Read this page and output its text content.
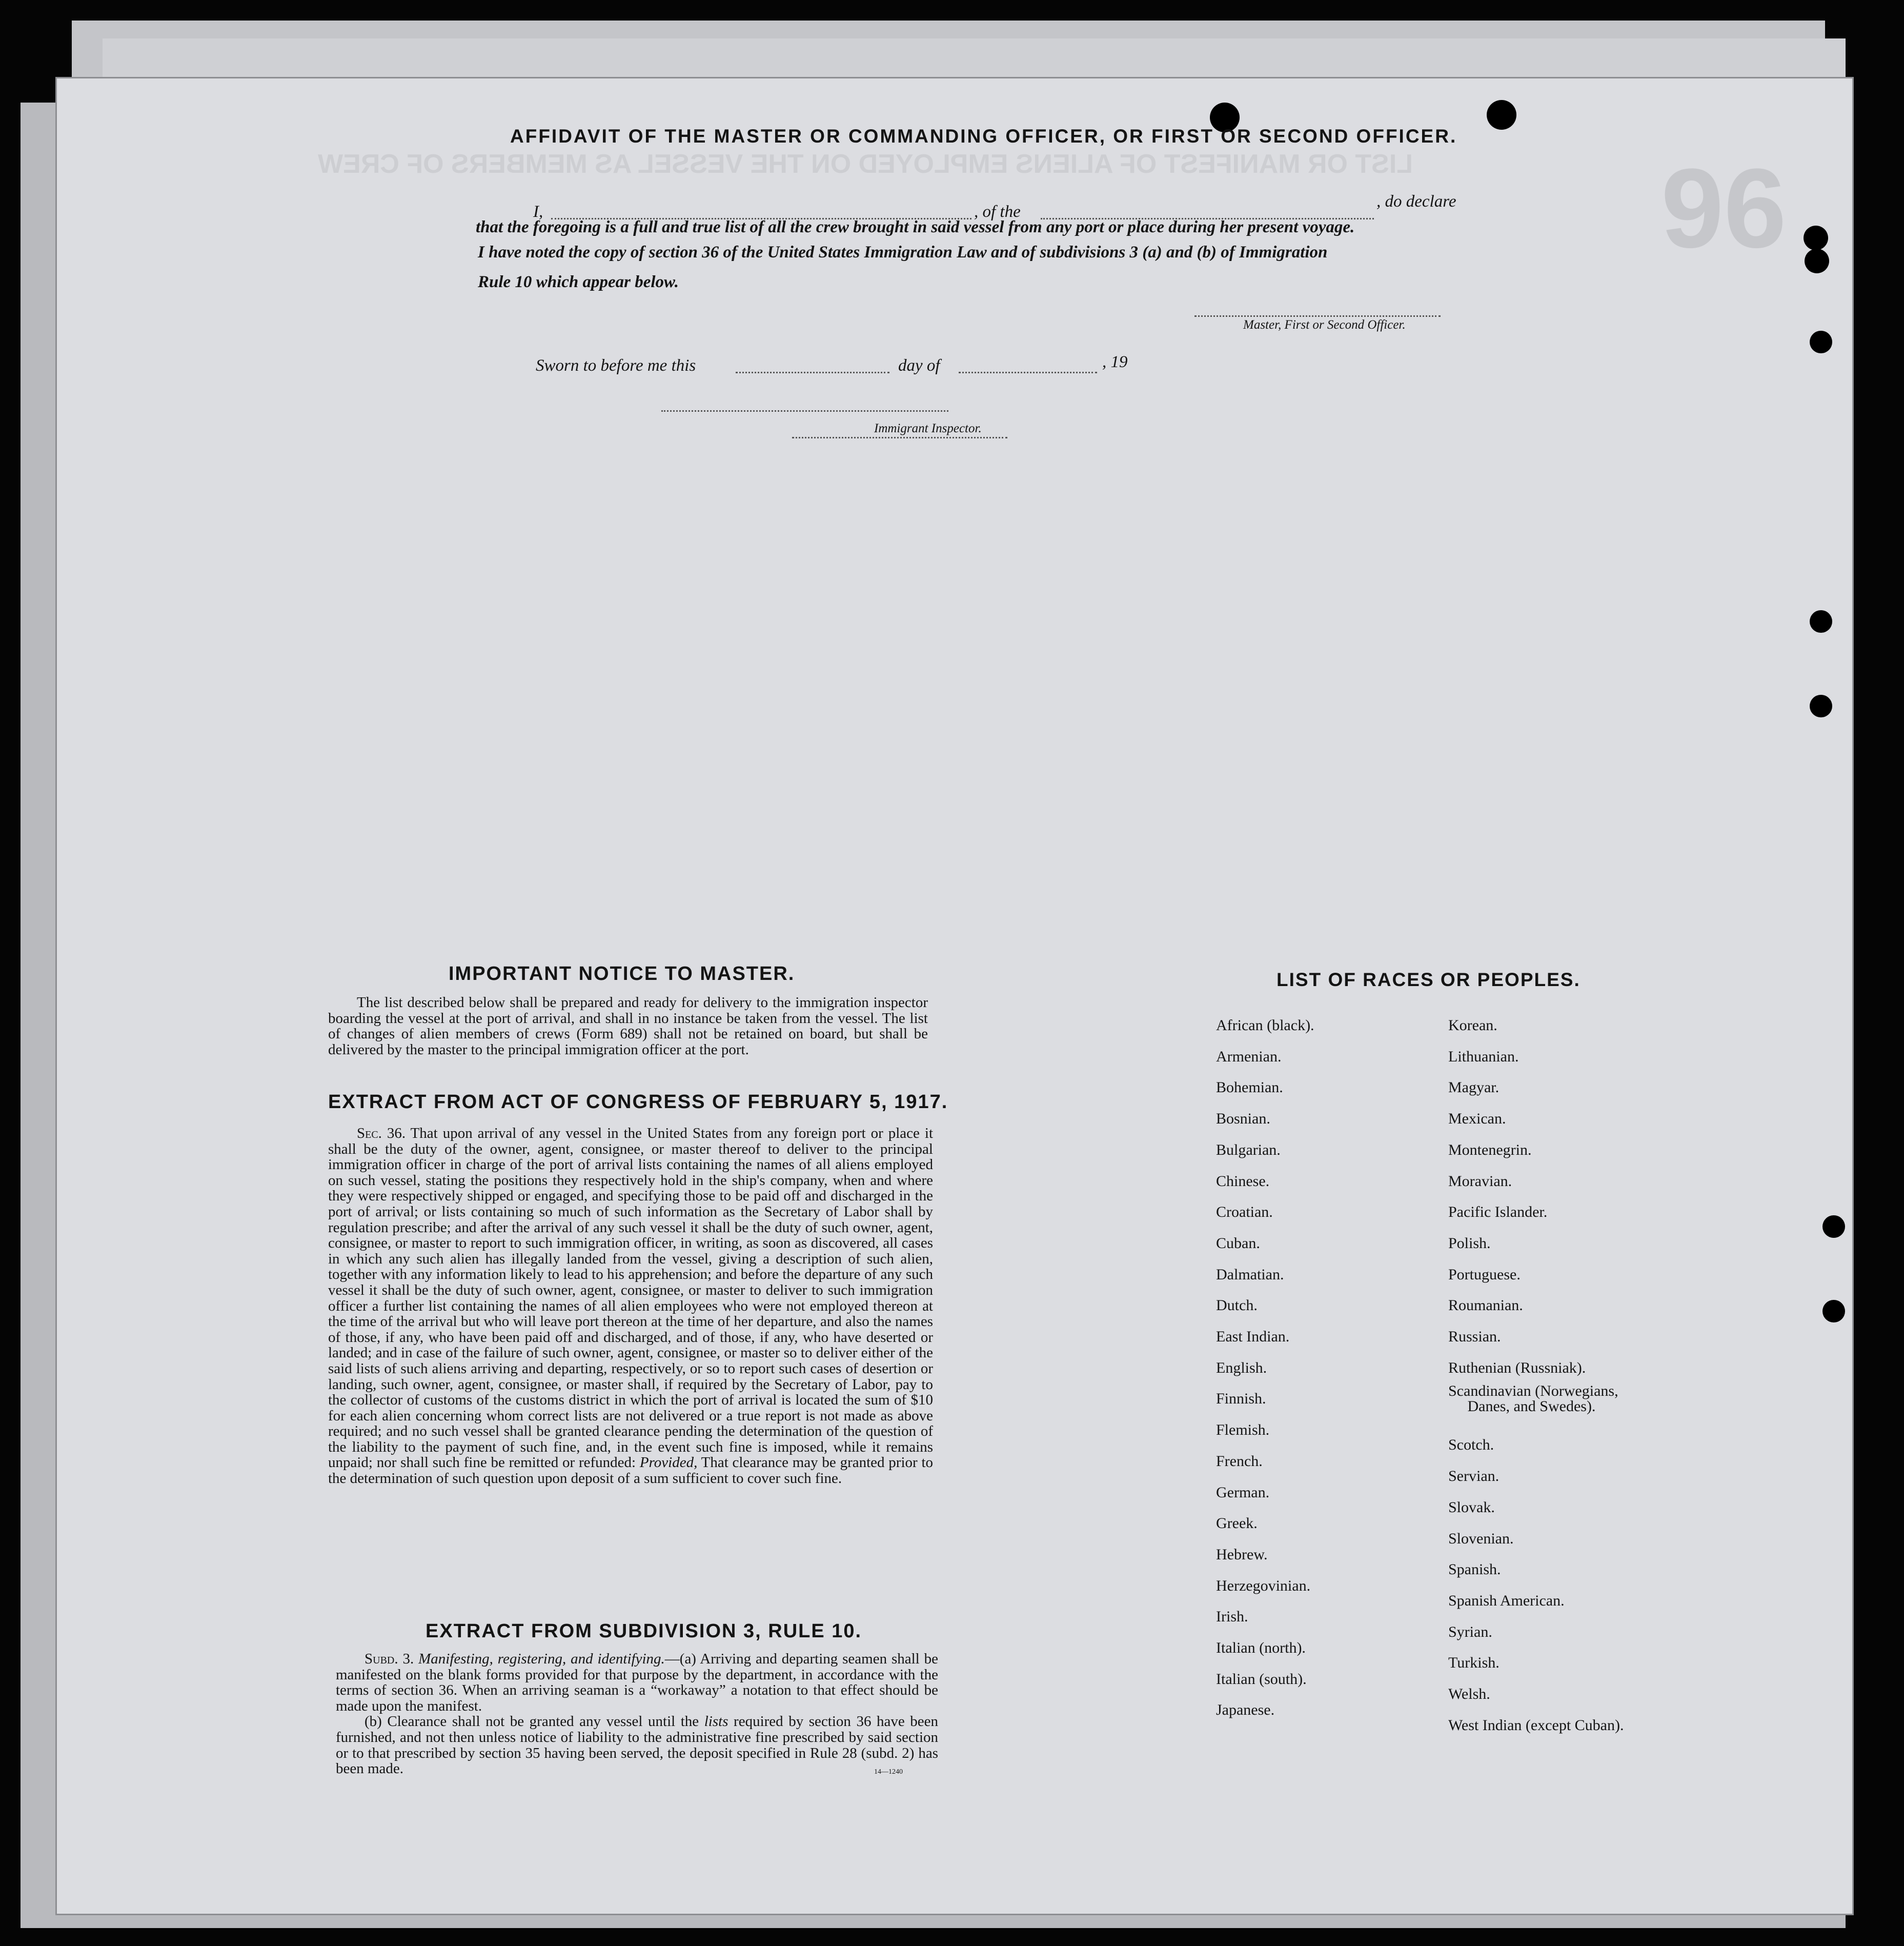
96
LIST OR MANIFEST OF ALIENS EMPLOYED ON THE VESSEL AS MEMBERS OF CREW
AFFIDAVIT OF THE MASTER OR COMMANDING OFFICER, OR FIRST OR SECOND OFFICER.
I,	, of the
, do declare
that the foregoing is a full and true list of all the crew brought in said vessel from any port or place during her present voyage.
I have noted the copy of section 36 of the United States Immigration Law and of subdivisions 3 (a) and (b) of Immigration
Rule 10 which appear below.
Master, First or Second Officer.
Sworn to before me this	day of	, 19
Immigrant Inspector.
IMPORTANT NOTICE TO MASTER.

The list described below shall be prepared and ready for delivery to the immigration inspector boarding the vessel at the port of arrival, and shall in no instance be taken from the vessel. The list of changes of alien members of crews (Form 689) shall not be retained on board, but shall be delivered by the master to the principal immigration officer at the port.

EXTRACT FROM ACT OF CONGRESS OF FEBRUARY 5, 1917.

Sec. 36. That upon arrival of any vessel in the United States from any foreign port or place it shall be the duty of the owner, agent, consignee, or master thereof to deliver to the principal immigration officer in charge of the port of arrival lists containing the names of all aliens employed on such vessel, stating the positions they respectively hold in the ship's company, when and where they were respectively shipped or engaged, and specifying those to be paid off and discharged in the port of arrival; or lists containing so much of such information as the Secretary of Labor shall by regulation prescribe; and after the arrival of any such vessel it shall be the duty of such owner, agent, consignee, or master to report to such immigration officer, in writing, as soon as discovered, all cases in which any such alien has illegally landed from the vessel, giving a description of such alien, together with any information likely to lead to his apprehension; and before the departure of any such vessel it shall be the duty of such owner, agent, consignee, or master to deliver to such immigration officer a further list containing the names of all alien employees who were not employed thereon at the time of the arrival but who will leave port thereon at the time of her departure, and also the names of those, if any, who have been paid off and discharged, and of those, if any, who have deserted or landed; and in case of the failure of such owner, agent, consignee, or master so to deliver either of the said lists of such aliens arriving and departing, respectively, or so to report such cases of desertion or landing, such owner, agent, consignee, or master shall, if required by the Secretary of Labor, pay to the collector of customs of the customs district in which the port of arrival is located the sum of $10 for each alien concerning whom correct lists are not delivered or a true report is not made as above required; and no such vessel shall be granted clearance pending the determination of the question of the liability to the payment of such fine, and, in the event such fine is imposed, while it remains unpaid; nor shall such fine be remitted or refunded: Provided, That clearance may be granted prior to the determination of such question upon deposit of a sum sufficient to cover such fine.

EXTRACT FROM SUBDIVISION 3, RULE 10.

Subd. 3. Manifesting, registering, and identifying.—(a) Arriving and departing seamen shall be manifested on the blank forms provided for that purpose by the department, in accordance with the terms of section 36. When an arriving seaman is a “workaway” a notation to that effect should be made upon the manifest.

(b) Clearance shall not be granted any vessel until the lists required by section 36 have been furnished, and not then unless notice of liability to the administrative fine prescribed by said section or to that prescribed by section 35 having been served, the deposit specified in Rule 28 (subd. 2) has been made.	14—1240
LIST OF RACES OR PEOPLES.
African (black).
Armenian.
Bohemian.
Bosnian.
Bulgarian.
Chinese.
Croatian.
Cuban.
Dalmatian.
Dutch.
East Indian.
English.
Finnish.
Flemish.
French.
German.
Greek.
Hebrew.
Herzegovinian.
Irish.
Italian (north).
Italian (south).
Japanese.
Korean.
Lithuanian.
Magyar.
Mexican.
Montenegrin.
Moravian.
Pacific Islander.
Polish.
Portuguese.
Roumanian.
Russian.
Ruthenian (Russniak).
Scandinavian (Norwegians,
Danes, and Swedes).
Scotch.
Servian.
Slovak.
Slovenian.
Spanish.
Spanish American.
Syrian.
Turkish.
Welsh.
West Indian (except Cuban).
